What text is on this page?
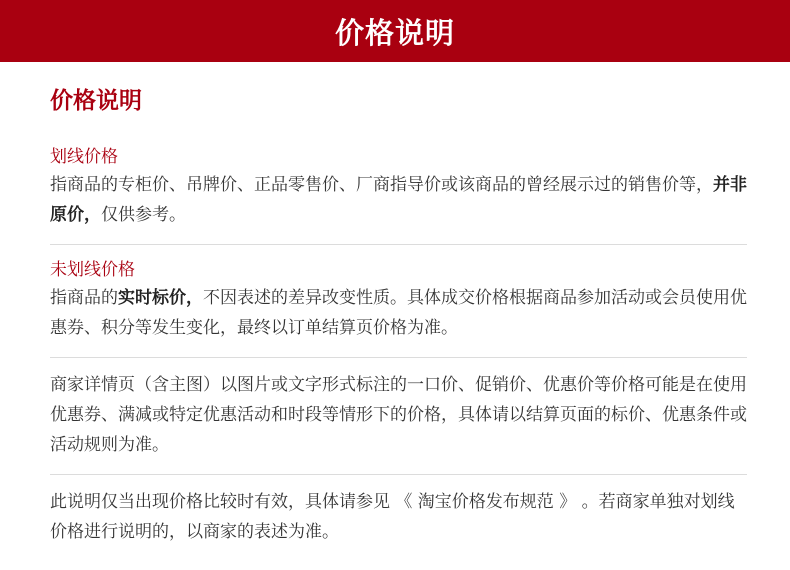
价格说明
价格说明
划线价格
指商品的专柜价、吊牌价、正品零售价、厂商指导价或该商品的曾经展示过的销售价等，并非原价，仅供参考。
未划线价格
指商品的实时标价，不因表述的差异改变性质。具体成交价格根据商品参加活动或会员使用优惠券、积分等发生变化，最终以订单结算页价格为准。
商家详情页（含主图）以图片或文字形式标注的一口价、促销价、优惠价等价格可能是在使用优惠券、满减或特定优惠活动和时段等情形下的价格，具体请以结算页面的标价、优惠条件或活动规则为准。
此说明仅当出现价格比较时有效，具体请参见 《 淘宝价格发布规范 》 。若商家单独对划线价格进行说明的，以商家的表述为准。
